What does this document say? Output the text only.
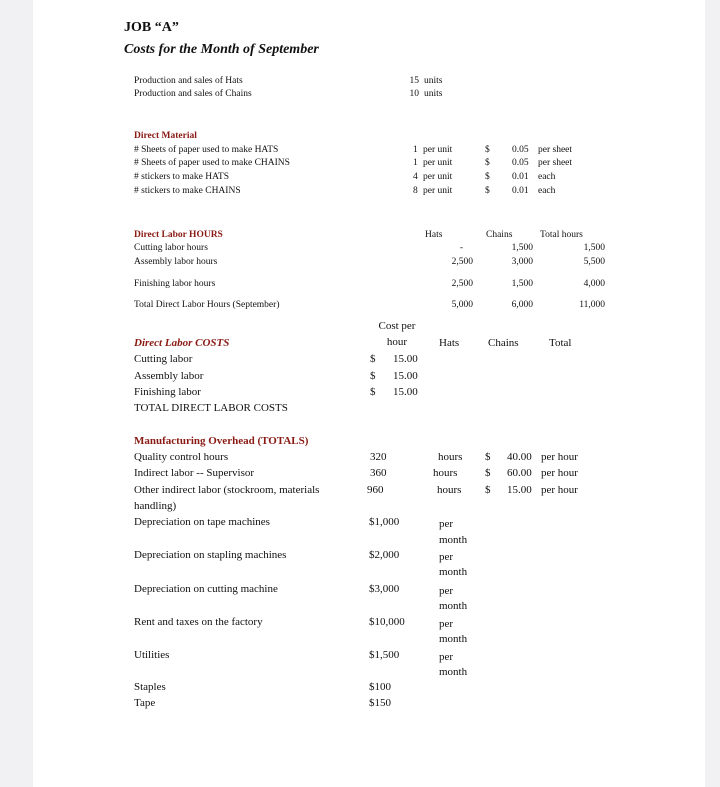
JOB “A”
Costs for the Month of September
Production and sales of Hats	15 units
Production and sales of Chains	10 units
Direct Material
# Sheets of paper used to make HATS	1 per unit	$ 0.05 per sheet
# Sheets of paper used to make CHAINS	1 per unit	$ 0.05 per sheet
# stickers to make HATS	4 per unit	$ 0.01 each
# stickers to make CHAINS	8 per unit	$ 0.01 each
Direct Labor HOURS	Hats	Chains	Total hours
Cutting labor hours	-	1,500	1,500
Assembly labor hours	2,500	3,000	5,500
Finishing labor hours	2,500	1,500	4,000
Total Direct Labor Hours (September)	5,000	6,000	11,000
Cost per
hour
Direct Labor COSTS	Hats	Chains	Total
Cutting labor	$ 15.00
Assembly labor	$ 15.00
Finishing labor	$ 15.00
TOTAL DIRECT LABOR COSTS
Manufacturing Overhead (TOTALS)
Quality control hours	320	hours $ 40.00 per hour
Indirect labor -- Supervisor	360	hours	$ 60.00 per hour
Other indirect labor (stockroom, materials	960	hours $ 15.00 per hour
handling)
Depreciation on tape machines	$1,000	per
month
Depreciation on stapling machines	$2,000	per
month
Depreciation on cutting machine	$3,000	per
month
Rent and taxes on the factory	$10,000	per
month
Utilities	$1,500	per
month
Staples	$100
Tape	$150
